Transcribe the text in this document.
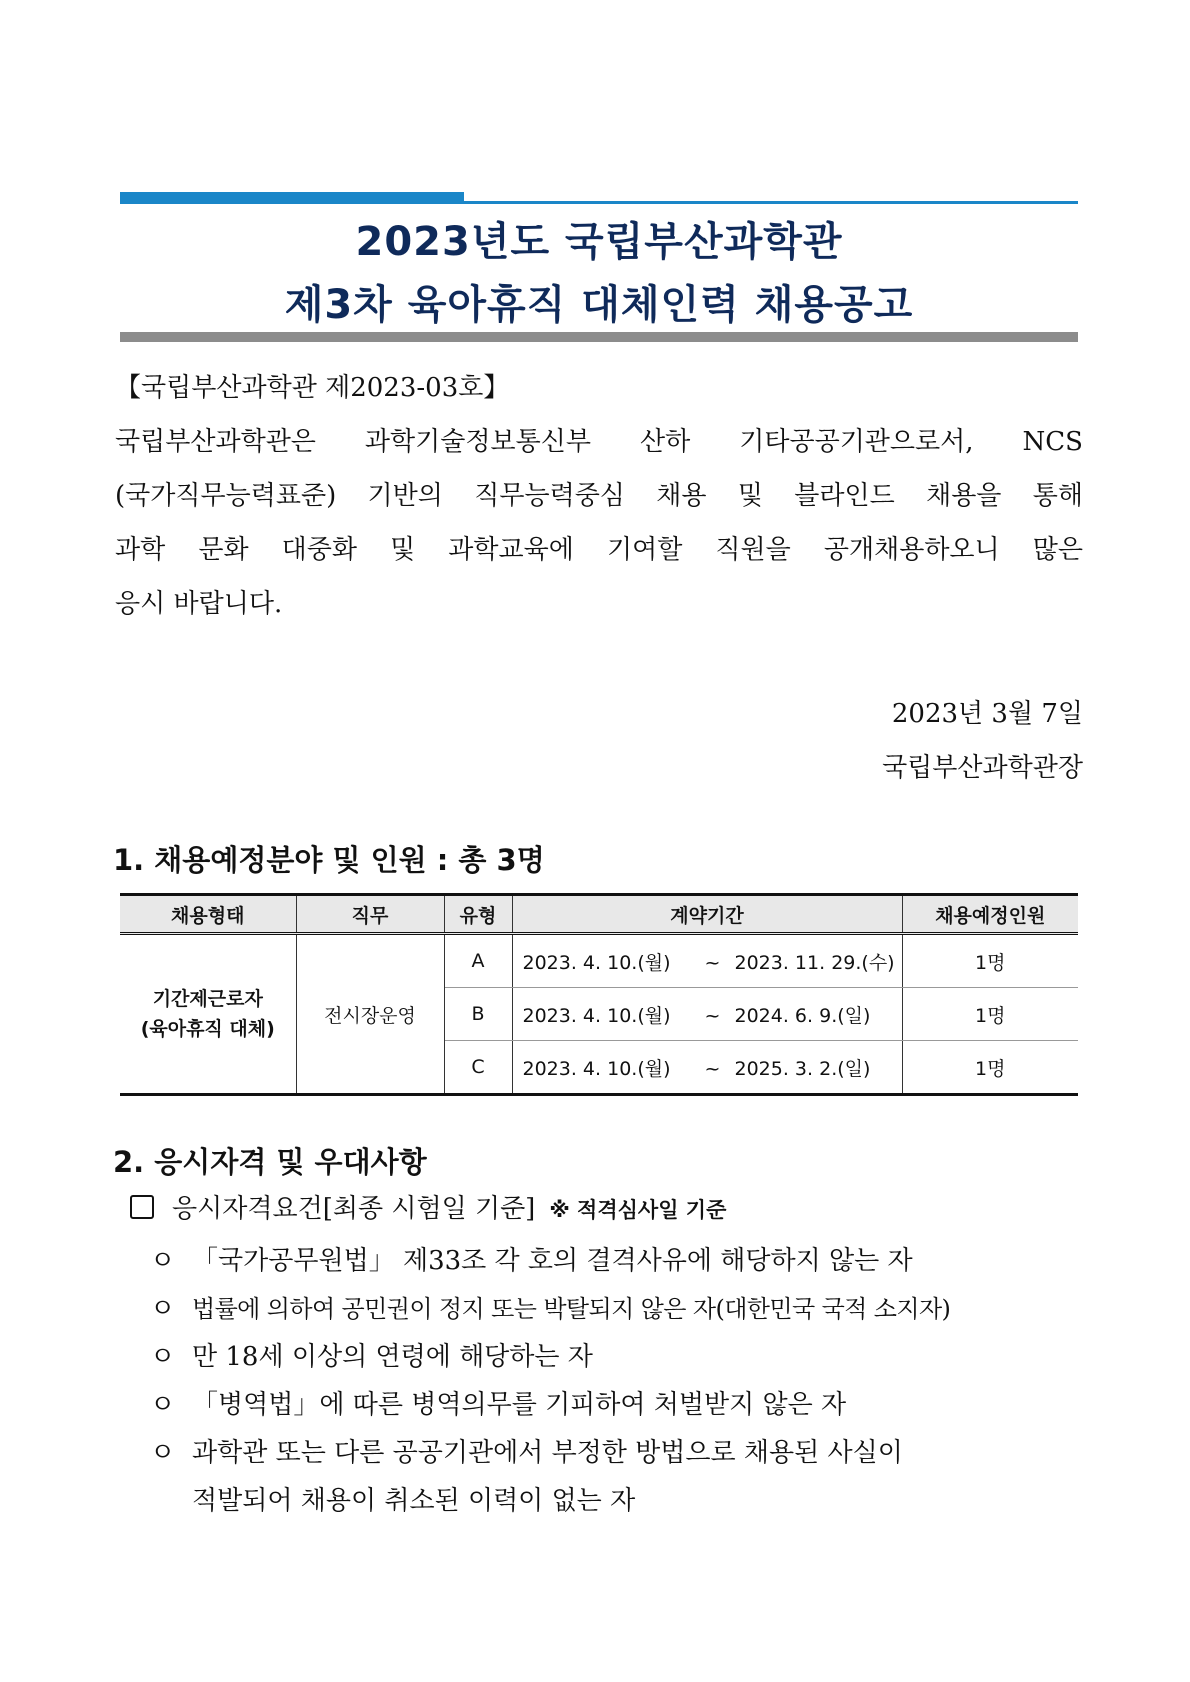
2023년도 국립부산과학관
제3차 육아휴직 대체인력 채용공고
【국립부산과학관 제2023-03호】
국립부산과학관은 과학기술정보통신부 산하 기타공공기관으로서, NCS
(국가직무능력표준) 기반의 직무능력중심 채용 및 블라인드 채용을 통해
과학 문화 대중화 및 과학교육에 기여할 직원을 공개채용하오니 많은
응시 바랍니다.
2023년 3월 7일
국립부산과학관장
1. 채용예정분야 및 인원 : 총 3명
채용형태	직무	유형	계약기간	채용예정인원

기간제근로자
(육아휴직 대체)	전시장운영	A	2023. 4. 10.(월) ~ 2023. 11. 29.(수)	1명
		B	2023. 4. 10.(월) ~ 2024. 6. 9.(일)	1명
		C	2023. 4. 10.(월) ~ 2025. 3. 2.(일)	1명
2. 응시자격 및 우대사항
응시자격요건[최종 시험일 기준] ※ 적격심사일 기준
ㅇ 「국가공무원법」 제33조 각 호의 결격사유에 해당하지 않는 자
ㅇ 법률에 의하여 공민권이 정지 또는 박탈되지 않은 자(대한민국 국적 소지자)
ㅇ 만 18세 이상의 연령에 해당하는 자
ㅇ 「병역법」에 따른 병역의무를 기피하여 처벌받지 않은 자
ㅇ 과학관 또는 다른 공공기관에서 부정한 방법으로 채용된 사실이
적발되어 채용이 취소된 이력이 없는 자
